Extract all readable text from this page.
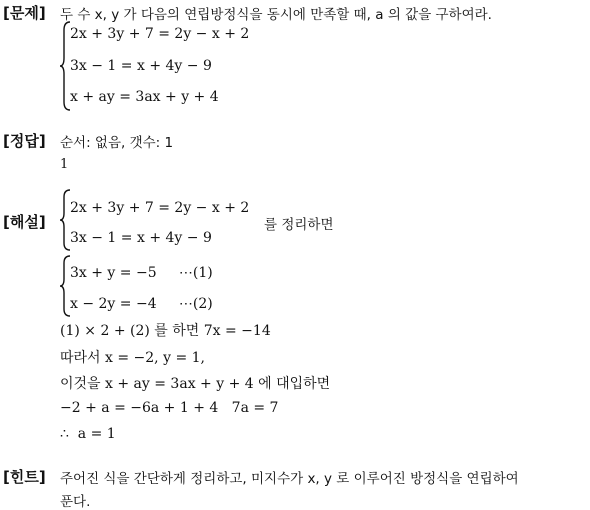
[문제] 두 수 x, y 가 다음의 연립방정식을 동시에 만족할 때, a 의 값을 구하여라.
2x + 3y + 7 = 2y − x + 2
3x − 1 = x + 4y − 9
x + ay = 3ax + y + 4
[정답] 순서: 없음, 갯수: 1
1
[해설]
2x + 3y + 7 = 2y − x + 2
3x − 1 = x + 4y − 9
를 정리하면
3x + y = −5     ⋯(1)
x − 2y = −4     ⋯(2)
(1) × 2 + (2) 를 하면 7x = −14
따라서 x = −2, y = 1,
이것을 x + ay = 3ax + y + 4 에 대입하면
−2 + a = −6a + 1 + 4   7a = 7
∴  a = 1
[힌트] 주어진 식을 간단하게 정리하고, 미지수가 x, y 로 이루어진 방정식을 연립하여
푼다.
